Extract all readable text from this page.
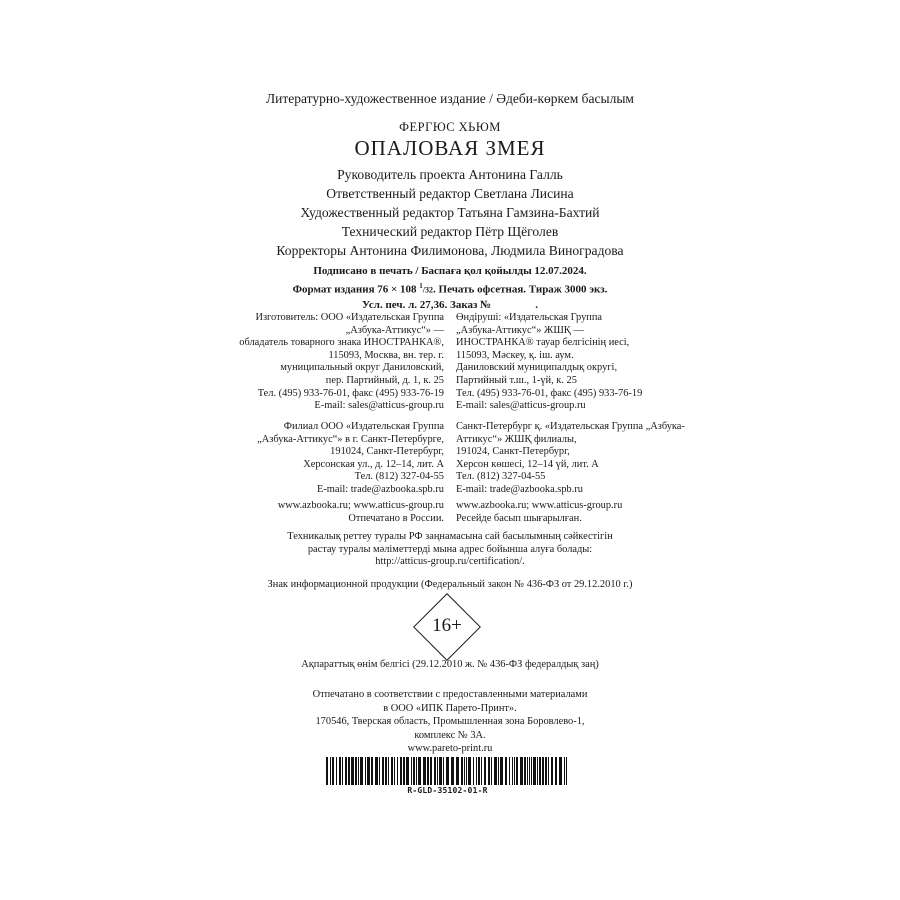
Литературно-художественное издание / Әдеби-көркем басылым
ФЕРГЮС ХЬЮМ
ОПАЛОВАЯ ЗМЕЯ
Руководитель проекта Антонина Галль
Ответственный редактор Светлана Лисина
Художественный редактор Татьяна Гамзина-Бахтий
Технический редактор Пётр Щёголев
Корректоры Антонина Филимонова, Людмила Виноградова
Подписано в печать / Баспаға қол қойылды 12.07.2024.
Формат издания 76 × 108 $^1$/32. Печать офсетная. Тираж 3000 экз.
Усл. печ. л. 27,36. Заказ №                .
Изготовитель: ООО «Издательская Группа
„Азбука-Аттикус“» —
обладатель товарного знака ИНОСТРАНКА®,
115093, Москва, вн. тер. г.
муниципальный округ Даниловский,
пер. Партийный, д. 1, к. 25
Тел. (495) 933-76-01, факс (495) 933-76-19
E-mail: sales@atticus-group.ru
Өндіруші: «Издательская Группа
„Азбука-Аттикус“» ЖШҚ —
ИНОСТРАНКА® тауар белгісінің иесі,
115093, Мәскеу, қ. іш. аум.
Даниловский муниципалдық округі,
Партийный т.ш., 1-үй, к. 25
Тел. (495) 933-76-01, факс (495) 933-76-19
E-mail: sales@atticus-group.ru
Филиал ООО «Издательская Группа
„Азбука-Аттикус“» в г. Санкт-Петербурге,
191024, Санкт-Петербург,
Херсонская ул., д. 12–14, лит. А
Тел. (812) 327-04-55
E-mail: trade@azbooka.spb.ru
Санкт-Петербург қ. «Издательская Группа „Азбука-
Аттикус“» ЖШҚ филиалы,
191024, Санкт-Петербург,
Херсон көшесі, 12–14 үй, лит. А
Тел. (812) 327-04-55
E-mail: trade@azbooka.spb.ru
www.azbooka.ru; www.atticus-group.ru
Отпечатано в России.
www.azbooka.ru; www.atticus-group.ru
Ресейде басып шығарылған.
Техникалық реттеу туралы РФ заңнамасына сай басылымның сәйкестігін
растау туралы мәліметтерді мына адрес бойынша алуға болады:
http://atticus-group.ru/certification/.
Знак информационной продукции (Федеральный закон № 436-ФЗ от 29.12.2010 г.)
16+
Ақпараттық өнім белгісі (29.12.2010 ж. № 436-ФЗ федералдық заң)
Отпечатано в соответствии с предоставленными материалами
в ООО «ИПК Парето-Принт».
170546, Тверская область, Промышленная зона Боровлево-1,
комплекс № 3А.
www.pareto-print.ru
R-GLD-35102-01-R
